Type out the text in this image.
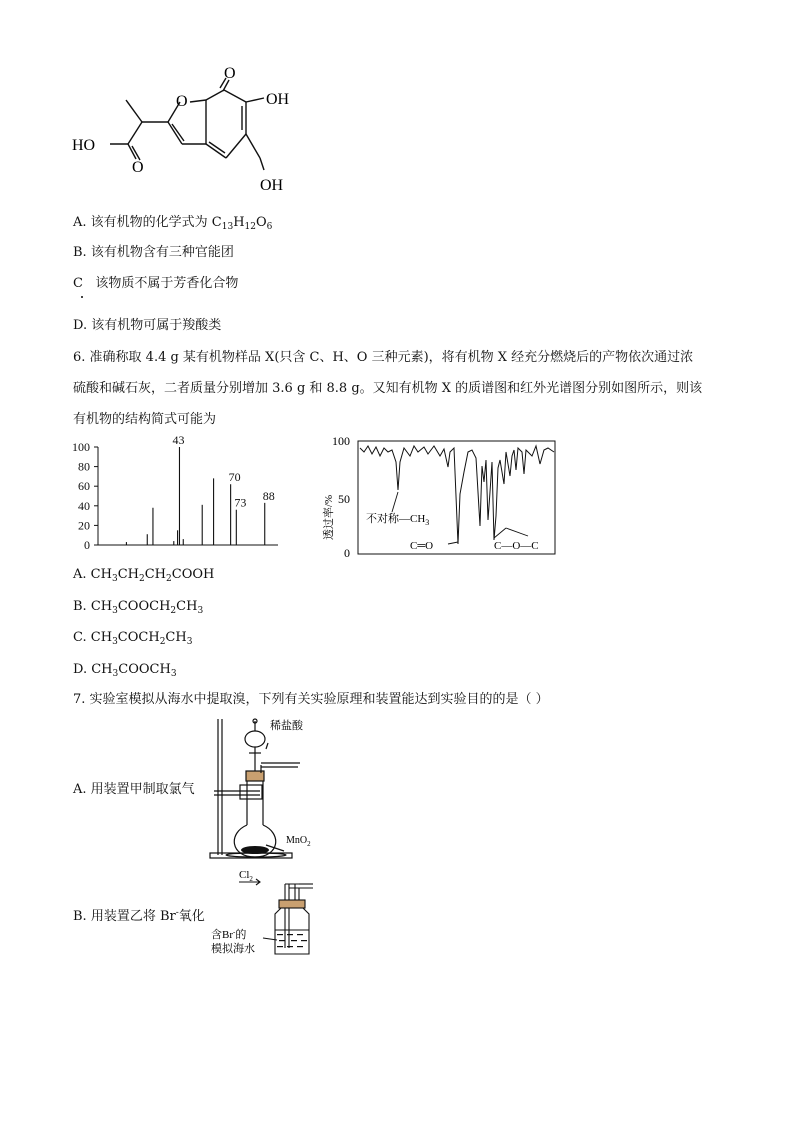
O
O	OH
OH
HO
O
A. 该有机物的化学式为 $C_{13}H_{12}O_6$
B. 该有机物含有三种官能团
C 该物质不属于芳香化合物
D. 该有机物可属于羧酸类
6. 准确称取 4.4 g 某有机物样品 X(只含 C、H、O 三种元素)，将有机物 X 经充分燃烧后的产物依次通过浓
硫酸和碱石灰，二者质量分别增加 3.6 g 和 8.8 g。又知有机物 X 的质谱图和红外光谱图分别如图所示，则该
有机物的结构简式可能为
100
80
60
40
20
0
43
70
73 88
100
50
0
透过率/%	不对称$—CH_3$
C═O	C—O—C
A. $CH_3CH_2CH_2COOH$
B. $CH_3COOCH_2CH_3$
C. $CH_3COCH_2CH_3$
D. $CH_3COOCH_3$
7. 实验室模拟从海水中提取溴，下列有关实验原理和装置能达到实验目的的是（ ）
稀盐酸
MnO$_2$
A. 用装置甲制取氯气
$Cl_2$
含Br-的
模拟海水
B. 用装置乙将 Br-氧化
